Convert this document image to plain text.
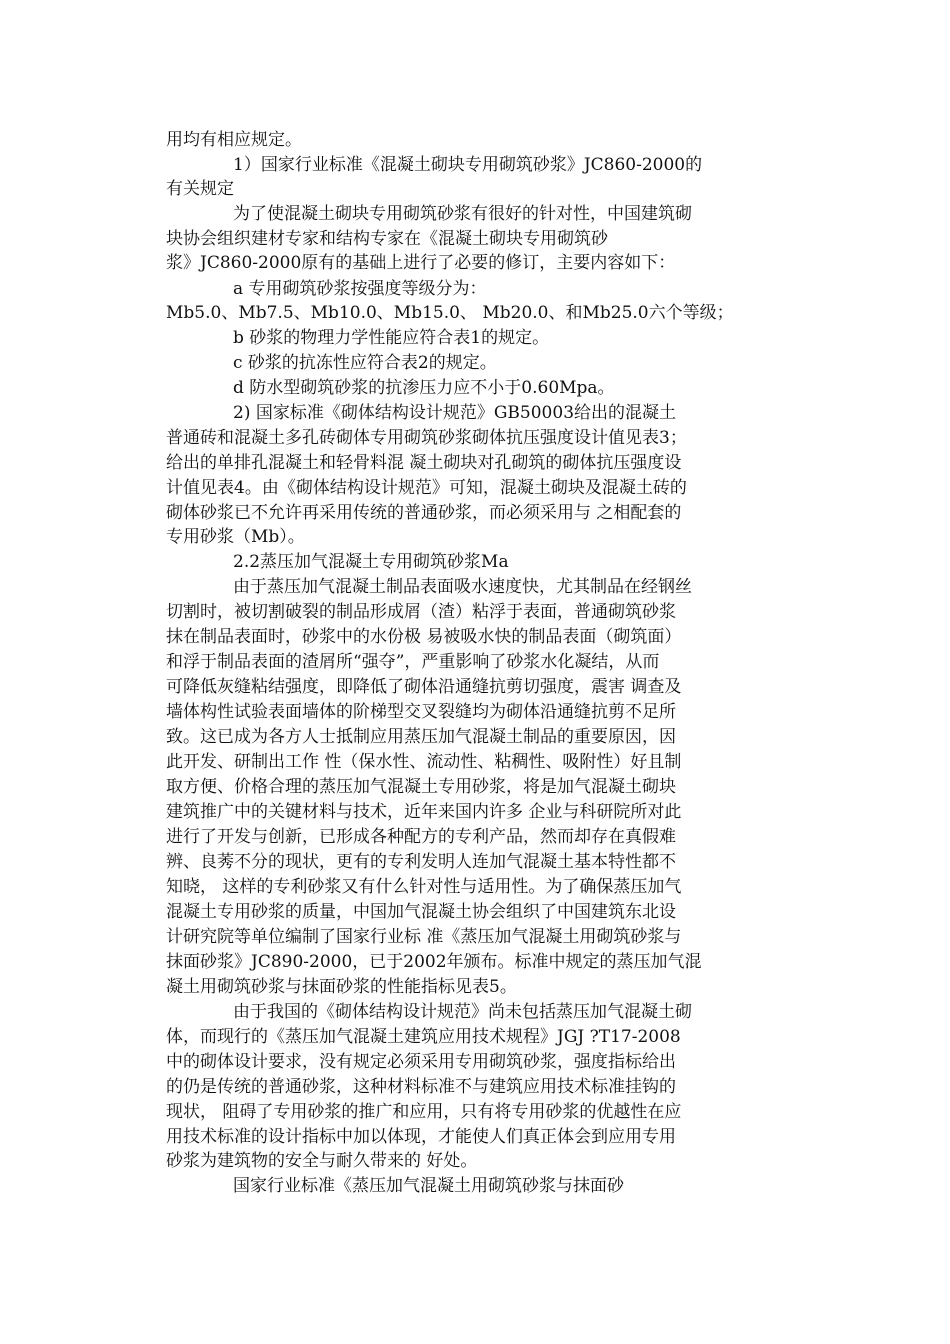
用均有相应规定。
1）国家行业标准《混凝土砌块专用砌筑砂浆》JC860-2000的
有关规定
为了使混凝土砌块专用砌筑砂浆有很好的针对性，中国建筑砌
块协会组织建材专家和结构专家在《混凝土砌块专用砌筑砂
浆》JC860-2000原有的基础上进行了必要的修订，主要内容如下：
a 专用砌筑砂浆按强度等级分为：
Mb5.0、Mb7.5、Mb10.0、Mb15.0、 Mb20.0、和Mb25.0六个等级；
b 砂浆的物理力学性能应符合表1的规定。
c 砂浆的抗冻性应符合表2的规定。
d 防水型砌筑砂浆的抗渗压力应不小于0.60Mpa。
2) 国家标准《砌体结构设计规范》GB50003给出的混凝土
普通砖和混凝土多孔砖砌体专用砌筑砂浆砌体抗压强度设计值见表3；
给出的单排孔混凝土和轻骨料混 凝土砌块对孔砌筑的砌体抗压强度设
计值见表4。由《砌体结构设计规范》可知，混凝土砌块及混凝土砖的
砌体砂浆已不允许再采用传统的普通砂浆，而必须采用与 之相配套的
专用砂浆（Mb）。
2.2蒸压加气混凝土专用砌筑砂浆Ma
由于蒸压加气混凝土制品表面吸水速度快，尤其制品在经钢丝
切割时，被切割破裂的制品形成屑（渣）粘浮于表面，普通砌筑砂浆
抹在制品表面时，砂浆中的水份极 易被吸水快的制品表面（砌筑面）
和浮于制品表面的渣屑所“强夺”，严重影响了砂浆水化凝结，从而
可降低灰缝粘结强度，即降低了砌体沿通缝抗剪切强度，震害 调查及
墙体构性试验表面墙体的阶梯型交叉裂缝均为砌体沿通缝抗剪不足所
致。这已成为各方人士抵制应用蒸压加气混凝土制品的重要原因，因
此开发、研制出工作 性（保水性、流动性、粘稠性、吸附性）好且制
取方便、价格合理的蒸压加气混凝土专用砂浆，将是加气混凝土砌块
建筑推广中的关键材料与技术，近年来国内许多 企业与科研院所对此
进行了开发与创新，已形成各种配方的专利产品，然而却存在真假难
辨、良莠不分的现状，更有的专利发明人连加气混凝土基本特性都不
知晓， 这样的专利砂浆又有什么针对性与适用性。为了确保蒸压加气
混凝土专用砂浆的质量，中国加气混凝土协会组织了中国建筑东北设
计研究院等单位编制了国家行业标 准《蒸压加气混凝土用砌筑砂浆与
抹面砂浆》JC890-2000，已于2002年颁布。标准中规定的蒸压加气混
凝土用砌筑砂浆与抹面砂浆的性能指标见表5。
由于我国的《砌体结构设计规范》尚未包括蒸压加气混凝土砌
体，而现行的《蒸压加气混凝土建筑应用技术规程》JGJ ?T17-2008
中的砌体设计要求，没有规定必须采用专用砌筑砂浆，强度指标给出
的仍是传统的普通砂浆，这种材料标准不与建筑应用技术标准挂钩的
现状， 阻碍了专用砂浆的推广和应用，只有将专用砂浆的优越性在应
用技术标准的设计指标中加以体现，才能使人们真正体会到应用专用
砂浆为建筑物的安全与耐久带来的 好处。
国家行业标准《蒸压加气混凝土用砌筑砂浆与抹面砂
